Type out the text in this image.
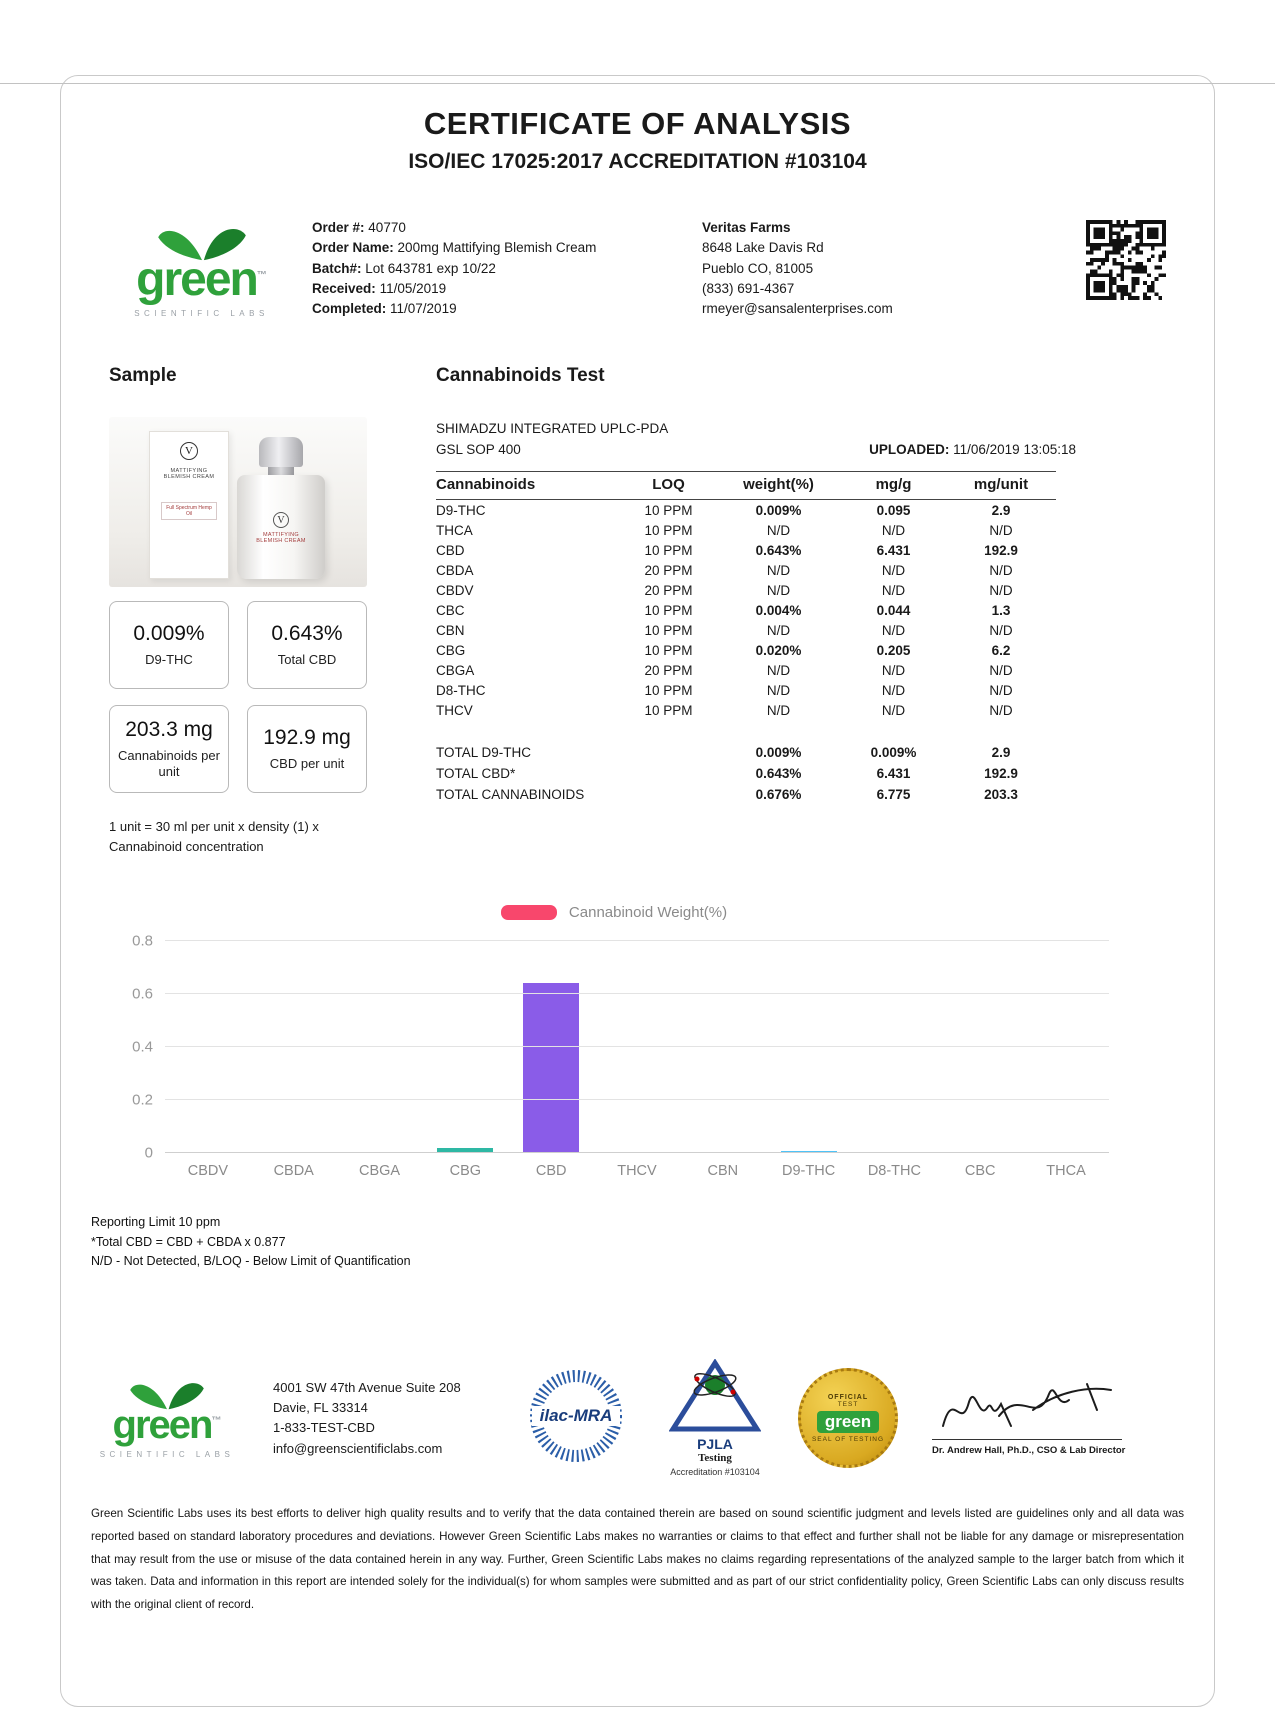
CERTIFICATE OF ANALYSIS
ISO/IEC 17025:2017 ACCREDITATION #103104
green™
SCIENTIFIC LABS
Order #: 40770
Order Name: 200mg Mattifying Blemish Cream
Batch#: Lot 643781 exp 10/22
Received: 11/05/2019
Completed: 11/07/2019
Veritas Farms
8648 Lake Davis Rd
Pueblo CO, 81005
(833) 691-4367
rmeyer@sansalenterprises.com
Sample
V
MATTIFYING BLEMISH CREAM
Full Spectrum Hemp Oil
V
MATTIFYING BLEMISH CREAM
0.009%
D9-THC
0.643%
Total CBD
203.3 mg
Cannabinoids per unit
192.9 mg
CBD per unit

1 unit = 30 ml per unit x density (1) x Cannabinoid concentration

Cannabinoids Test
SHIMADZU INTEGRATED UPLC-PDA
GSL SOP 400	UPLOADED: 11/06/2019 13:05:18
Cannabinoids	LOQ	weight(%)	mg/g	mg/unit
D9-THC	10 PPM	0.009%	0.095	2.9
THCA	10 PPM	N/D	N/D	N/D
CBD	10 PPM	0.643%	6.431	192.9
CBDA	20 PPM	N/D	N/D	N/D
CBDV	20 PPM	N/D	N/D	N/D
CBC	10 PPM	0.004%	0.044	1.3
CBN	10 PPM	N/D	N/D	N/D
CBG	10 PPM	0.020%	0.205	6.2
CBGA	20 PPM	N/D	N/D	N/D
D8-THC	10 PPM	N/D	N/D	N/D
THCV	10 PPM	N/D	N/D	N/D
TOTAL D9-THC		0.009%	0.009%	2.9
TOTAL CBD*		0.643%	6.431	192.9
TOTAL CANNABINOIDS		0.676%	6.775	203.3
Cannabinoid Weight(%)
0
0.2
0.4
0.6
0.8
CBDV	CBDA	CBGA	CBG	CBD	THCV	CBN	D9-THC	D8-THC	CBC	THCA
Reporting Limit 10 ppm
*Total CBD = CBD + CBDA x 0.877
N/D - Not Detected, B/LOQ - Below Limit of Quantification
green™
SCIENTIFIC LABS
4001 SW 47th Avenue Suite 208
Davie, FL 33314
1-833-TEST-CBD
info@greenscientificlabs.com
ilac-MRA
PJLA
Testing
Accreditation #103104
OFFICIAL
TEST
green
SEAL OF TESTING
Dr. Andrew Hall, Ph.D., CSO & Lab Director

Green Scientific Labs uses its best efforts to deliver high quality results and to verify that the data contained therein are based on sound scientific judgment and levels listed are guidelines only and all data was reported based on standard laboratory procedures and deviations. However Green Scientific Labs makes no warranties or claims to that effect and further shall not be liable for any damage or misrepresentation that may result from the use or misuse of the data contained herein in any way. Further, Green Scientific Labs makes no claims regarding representations of the analyzed sample to the larger batch from which it was taken. Data and information in this report are intended solely for the individual(s) for whom samples were submitted and as part of our strict confidentiality policy, Green Scientific Labs can only discuss results with the original client of record.
